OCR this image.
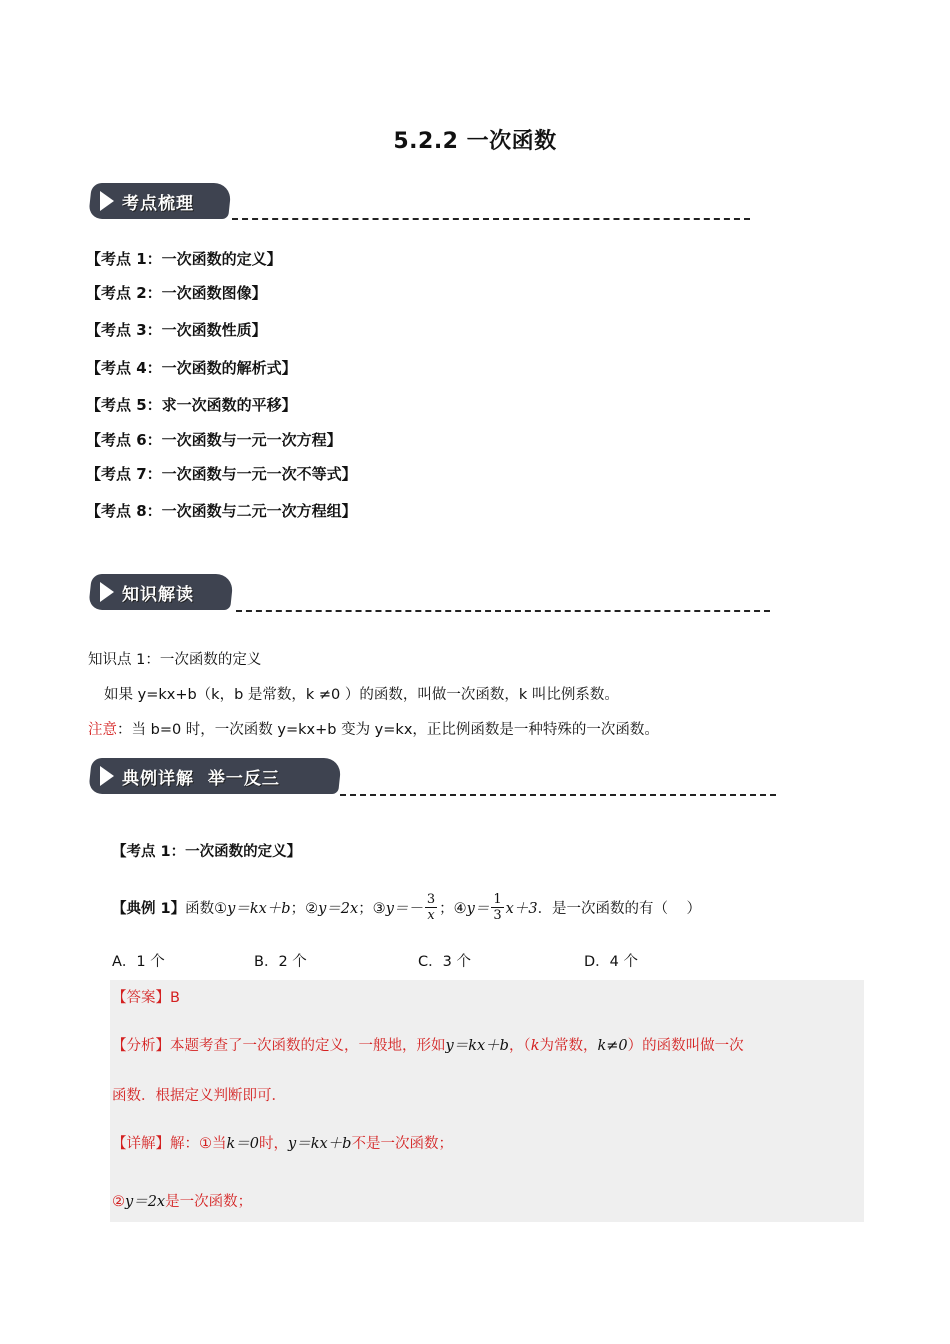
5.2.2 一次函数
考点梳理
【考点 1：一次函数的定义】
【考点 2：一次函数图像】
【考点 3：一次函数性质】
【考点 4：一次函数的解析式】
【考点 5：求一次函数的平移】
【考点 6：一次函数与一元一次方程】
【考点 7：一次函数与一元一次不等式】
【考点 8：一次函数与二元一次方程组】
知识解读
知识点 1：一次函数的定义
如果 y=kx+b（k，b 是常数，k ≠0 ）的函数，叫做一次函数，k 叫比例系数。
注意：当 b=0 时，一次函数 y=kx+b 变为 y=kx，正比例函数是一种特殊的一次函数。
典例详解  举一反三
【考点 1：一次函数的定义】
【典例 1】 函数① y＝kx＋b ；② y＝2x ；③ $y=- \frac{3}{x}$ ；④ $y= \frac{1}{3} x+3$ ．是一次函数的有（    ）
A．1 个	B．2 个	C．3 个	D．4 个
【答案】B
【分析】本题考查了一次函数的定义，一般地，形如y＝kx＋b，（k为常数，k≠0）的函数叫做一次
函数．根据定义判断即可．
【详解】解：①当k＝0时，y＝kx＋b不是一次函数；
②y＝2x是一次函数；
